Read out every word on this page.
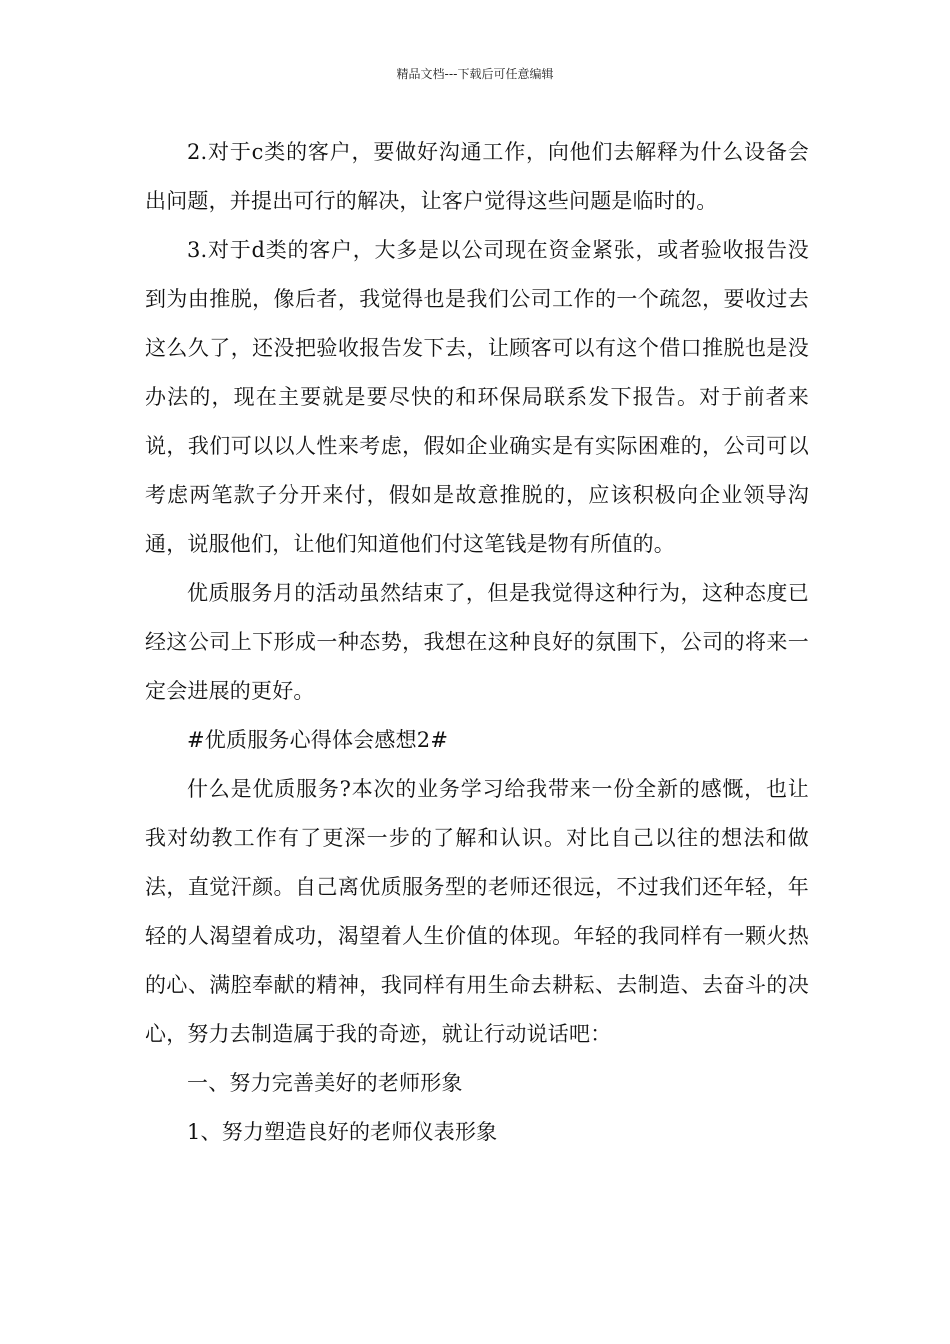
精品文档---下载后可任意编辑

2.对于c类的客户，要做好沟通工作，向他们去解释为什么设备会出问题，并提出可行的解决，让客户觉得这些问题是临时的。

3.对于d类的客户，大多是以公司现在资金紧张，或者验收报告没到为由推脱，像后者，我觉得也是我们公司工作的一个疏忽，要收过去这么久了，还没把验收报告发下去，让顾客可以有这个借口推脱也是没办法的，现在主要就是要尽快的和环保局联系发下报告。对于前者来说，我们可以以人性来考虑，假如企业确实是有实际困难的，公司可以考虑两笔款子分开来付，假如是故意推脱的，应该积极向企业领导沟通，说服他们，让他们知道他们付这笔钱是物有所值的。

优质服务月的活动虽然结束了，但是我觉得这种行为，这种态度已经这公司上下形成一种态势，我想在这种良好的氛围下，公司的将来一定会进展的更好。

#优质服务心得体会感想2#

什么是优质服务?本次的业务学习给我带来一份全新的感慨，也让我对幼教工作有了更深一步的了解和认识。对比自己以往的想法和做法，直觉汗颜。自己离优质服务型的老师还很远，不过我们还年轻，年轻的人渴望着成功，渴望着人生价值的体现。年轻的我同样有一颗火热的心、满腔奉献的精神，我同样有用生命去耕耘、去制造、去奋斗的决心，努力去制造属于我的奇迹，就让行动说话吧：

一、努力完善美好的老师形象

1、努力塑造良好的老师仪表形象
